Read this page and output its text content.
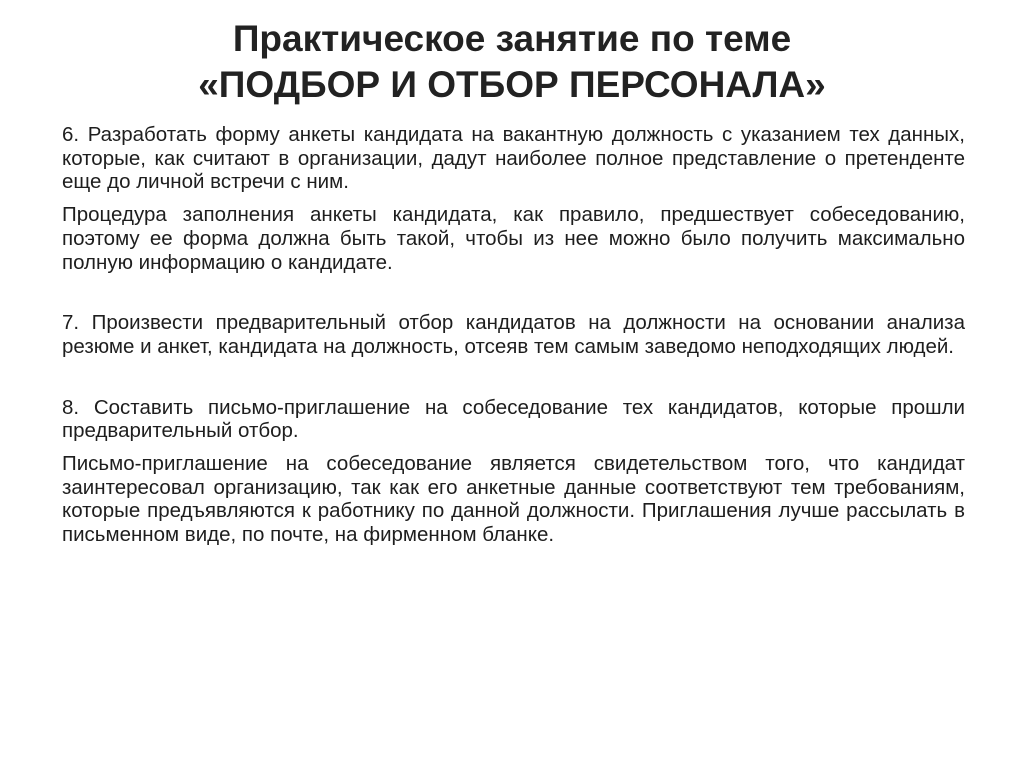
Практическое занятие по теме
«ПОДБОР И ОТБОР ПЕРСОНАЛА»

6. Разработать форму анкеты кандидата на вакантную должность с указанием тех данных, которые, как считают в организации, дадут наиболее полное представление о претенденте еще до личной встречи с ним.

Процедура заполнения анкеты кандидата, как правило, предшествует собеседованию, поэтому ее форма должна быть такой, чтобы из нее можно было получить максимально полную информацию о кандидате.

7. Произвести предварительный отбор кандидатов на должности на основании анализа резюме и анкет, кандидата на должность, отсеяв тем самым заведомо неподходящих людей.

8. Составить письмо-приглашение на собеседование тех кандидатов, которые прошли предварительный отбор.

Письмо-приглашение на собеседование является свидетельством того, что кандидат заинтересовал организацию, так как его анкетные данные соответствуют тем требованиям, которые предъявляются к работнику по данной должности. Приглашения лучше рассылать в письменном виде, по почте, на фирменном бланке.
